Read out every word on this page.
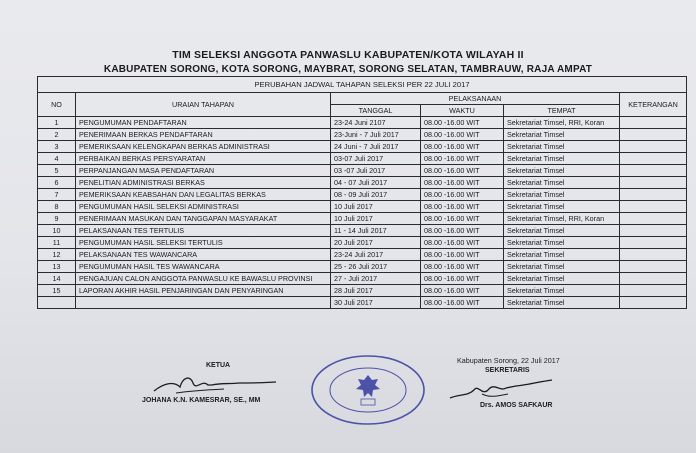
TIM SELEKSI ANGGOTA PANWASLU KABUPATEN/KOTA WILAYAH II
KABUPATEN SORONG, KOTA SORONG, MAYBRAT, SORONG SELATAN, TAMBRAUW, RAJA AMPAT
PERUBAHAN JADWAL TAHAPAN SELEKSI PER 22 JULI 2017					
NO	URAIAN TAHAPAN	PELAKSANAAN			KETERANGAN
		TANGGAL	WAKTU	TEMPAT	
1	PENGUMUMAN PENDAFTARAN	23-24 Juni 2107	08.00 -16.00 WIT	Sekretariat Timsel, RRI, Koran	
2	PENERIMAAN BERKAS PENDAFTARAN	23-Juni - 7 Juli 2017	08.00 -16.00 WIT	Sekretariat Timsel	
3	PEMERIKSAAN KELENGKAPAN BERKAS ADMINISTRASI	24 Juni - 7 Juli 2017	08.00 -16.00 WIT	Sekretariat Timsel	
4	PERBAIKAN BERKAS PERSYARATAN	03-07 Juli 2017	08.00 -16.00 WIT	Sekretariat Timsel	
5	PERPANJANGAN MASA PENDAFTARAN	03 -07 Juli 2017	08.00 -16.00 WIT	Sekretariat Timsel	
6	PENELITIAN ADMINISTRASI BERKAS	04 - 07 Juli 2017	08.00 -16.00 WIT	Sekretariat Timsel	
7	PEMERIKSAAN KEABSAHAN DAN LEGALITAS BERKAS	08 - 09 Juli 2017	08.00 -16.00 WIT	Sekretariat Timsel	
8	PENGUMUMAN HASIL SELEKSI ADMINISTRASI	10 Juli 2017	08.00 -16.00 WIT	Sekretariat Timsel	
9	PENERIMAAN MASUKAN DAN TANGGAPAN MASYARAKAT	10 Juli 2017	08.00 -16.00 WIT	Sekretariat Timsel, RRI, Koran	
10	PELAKSANAAN TES TERTULIS	11 - 14 Juli 2017	08.00 -16.00 WIT	Sekretariat Timsel	
11	PENGUMUMAN HASIL SELEKSI TERTULIS	20 Juli 2017	08.00 -16.00 WIT	Sekretariat Timsel	
12	PELAKSANAAN TES WAWANCARA	23-24 Juli 2017	08.00 -16.00 WIT	Sekretariat Timsel	
13	PENGUMUMAN HASIL TES WAWANCARA	25 - 26 Juli 2017	08.00 -16.00 WIT	Sekretariat Timsel	
14	PENGAJUAN CALON ANGGOTA PANWASLU KE BAWASLU PROVINSI	27 - Juli 2017	08.00 -16.00 WIT	Sekretariat Timsel	
15	LAPORAN AKHIR HASIL PENJARINGAN DAN PENYARINGAN	28 Juli 2017	08.00 -16.00 WIT	Sekretariat Timsel	
		30 Juli 2017	08.00 -16.00 WIT	Sekretariat Timsel	
KETUA
JOHANA K.N. KAMESRAR, SE., MM
Kabupaten Sorong, 22 Juli 2017
SEKRETARIS
Drs. AMOS SAFKAUR
